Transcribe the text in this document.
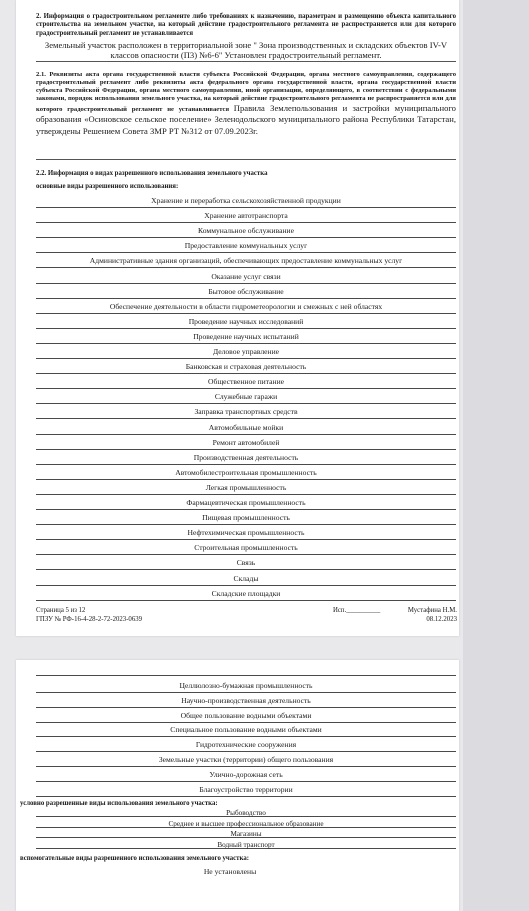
2. Информация о градостроительном регламенте либо требованиях к назначению, параметрам и размещению объекта капитального строительства на земельном участке, на который действие градостроительного регламента не распространяется или для которого градостроительный регламент не устанавливается
Земельный участок расположен в территориальной зоне " Зона производственных и складских объектов IV-V классов опасности (П3) №6-6" Установлен градостроительный регламент.
2.1. Реквизиты акта органа государственной власти субъекта Российской Федерации, органа местного самоуправления, содержащего градостроительный регламент либо реквизиты акта федерального органа государственной власти, органа государственной власти субъекта Российской Федерации, органа местного самоуправления, иной организации, определяющего, в соответствии с федеральными законами, порядок использования земельного участка, на который действие градостроительного регламента не распространяется или для которого градостроительный регламент не устанавливается Правила Землепользования и застройки муниципального образования «Осиновское сельское поселение» Зеленодольского муниципального района Республики Татарстан, утверждены Решением Совета ЗМР РТ №312 от 07.09.2023г.
2.2. Информация о видах разрешенного использования земельного участка
основные виды разрешенного использования:
Хранение и переработка сельскохозяйственной продукции
Хранение автотранспорта
Коммунальное обслуживание
Предоставление коммунальных услуг
Административные здания организаций, обеспечивающих предоставление коммунальных услуг
Оказание услуг связи
Бытовое обслуживание
Обеспечение деятельности в области гидрометеорологии и смежных с ней областях
Проведение научных исследований
Проведение научных испытаний
Деловое управление
Банковская и страховая деятельность
Общественное питание
Служебные гаражи
Заправка транспортных средств
Автомобильные мойки
Ремонт автомобилей
Производственная деятельность
Автомобилестроительная промышленность
Легкая промышленность
Фармацевтическая промышленность
Пищевая промышленность
Нефтехимическая промышленность
Строительная промышленность
Связь
Склады
Складские площадки
Страница 5 из 12
ГПЗУ № РФ-16-4-28-2-72-2023-0639
Исп.__________	Мустафина Н.М.
08.12.2023
Целлюлозно-бумажная промышленность
Научно-производственная деятельность
Общее пользование водными объектами
Специальное пользование водными объектами
Гидротехнические сооружения
Земельные участки (территории) общего пользования
Улично-дорожная сеть
Благоустройство территории
Рыбоводство
Среднее и высшее профессиональное образование
Магазины
Водный транспорт
условно разрешенные виды использования земельного участка:
вспомогательные виды разрешенного использования земельного участка:
Не установлены
